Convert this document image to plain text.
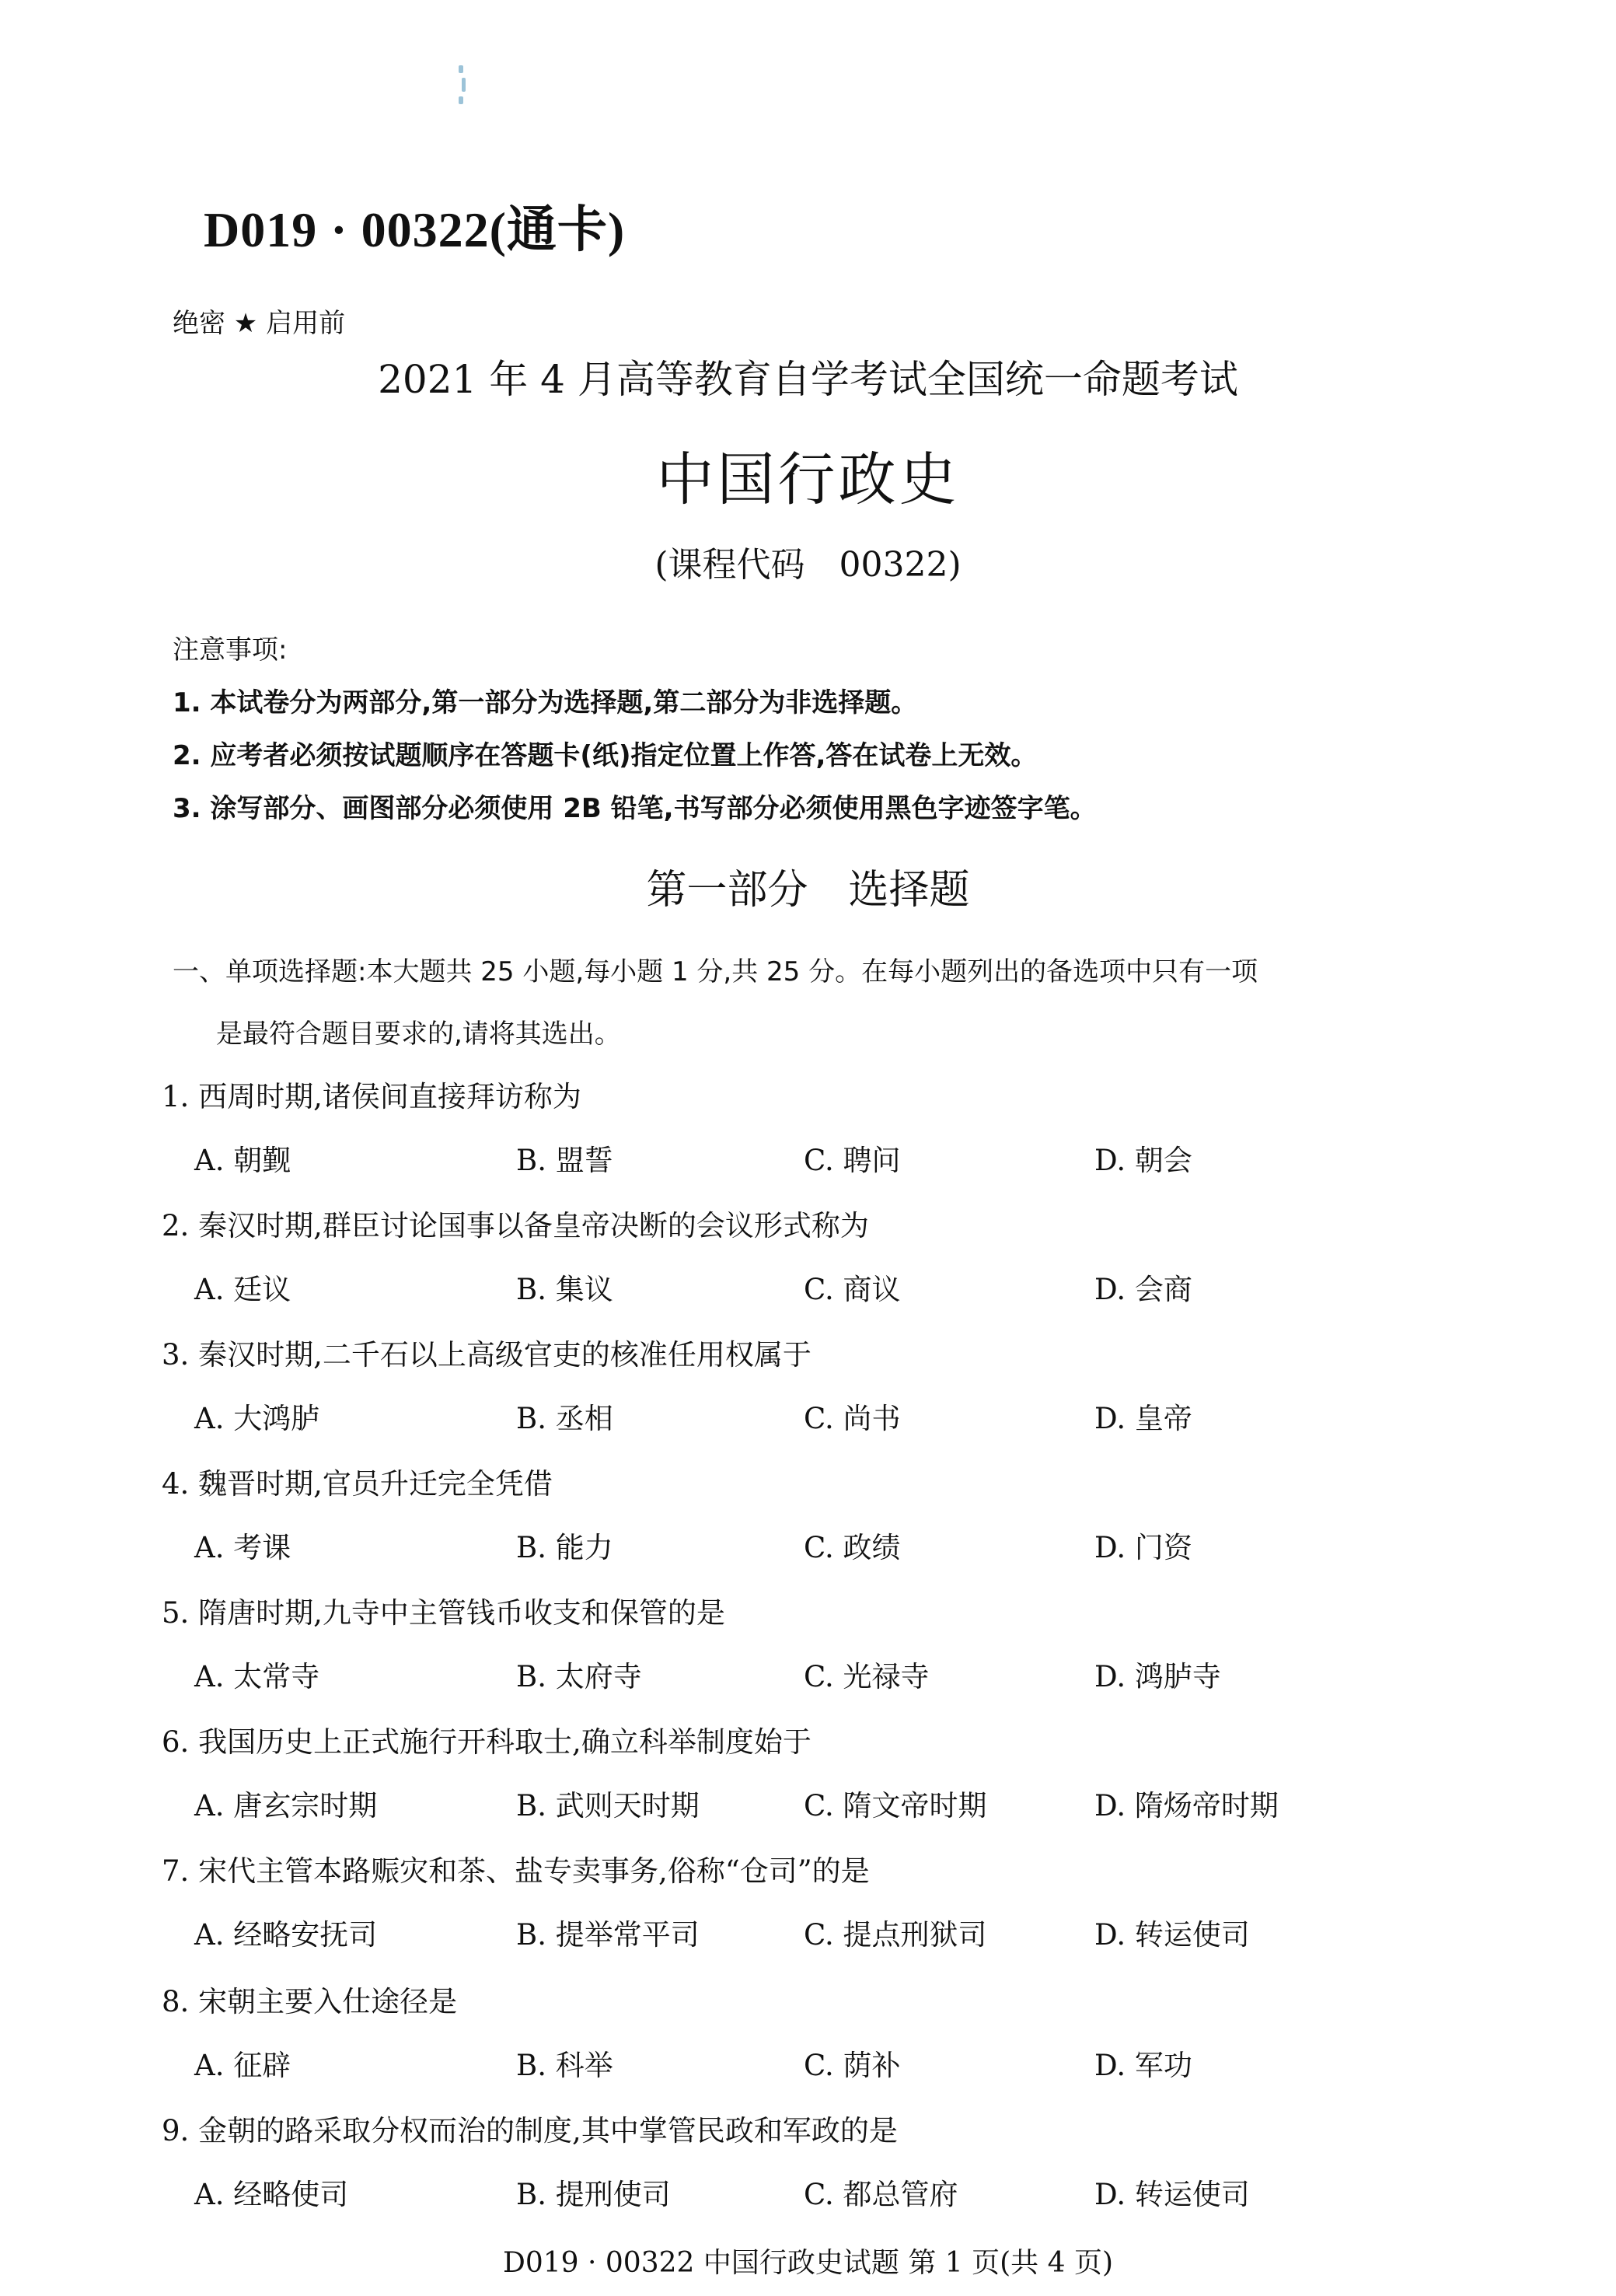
D019 · 00322(通卡)
绝密 ★ 启用前
2021 年 4 月高等教育自学考试全国统一命题考试
中国行政史
(课程代码　00322)
注意事项:
1. 本试卷分为两部分,第一部分为选择题,第二部分为非选择题。
2. 应考者必须按试题顺序在答题卡(纸)指定位置上作答,答在试卷上无效。
3. 涂写部分、画图部分必须使用 2B 铅笔,书写部分必须使用黑色字迹签字笔。
第一部分　选择题
一、单项选择题:本大题共 25 小题,每小题 1 分,共 25 分。在每小题列出的备选项中只有一项
是最符合题目要求的,请将其选出。
1. 西周时期,诸侯间直接拜访称为
A. 朝觐	B. 盟誓	C. 聘问	D. 朝会
2. 秦汉时期,群臣讨论国事以备皇帝决断的会议形式称为
A. 廷议	B. 集议	C. 商议	D. 会商
3. 秦汉时期,二千石以上高级官吏的核准任用权属于
A. 大鸿胪	B. 丞相	C. 尚书	D. 皇帝
4. 魏晋时期,官员升迁完全凭借
A. 考课	B. 能力	C. 政绩	D. 门资
5. 隋唐时期,九寺中主管钱币收支和保管的是
A. 太常寺	B. 太府寺	C. 光禄寺	D. 鸿胪寺
6. 我国历史上正式施行开科取士,确立科举制度始于
A. 唐玄宗时期	B. 武则天时期	C. 隋文帝时期	D. 隋炀帝时期
7. 宋代主管本路赈灾和茶、盐专卖事务,俗称“仓司”的是
A. 经略安抚司	B. 提举常平司	C. 提点刑狱司	D. 转运使司
8. 宋朝主要入仕途径是
A. 征辟	B. 科举	C. 荫补	D. 军功
9. 金朝的路采取分权而治的制度,其中掌管民政和军政的是
A. 经略使司	B. 提刑使司	C. 都总管府	D. 转运使司
D019 · 00322 中国行政史试题 第 1 页(共 4 页)
